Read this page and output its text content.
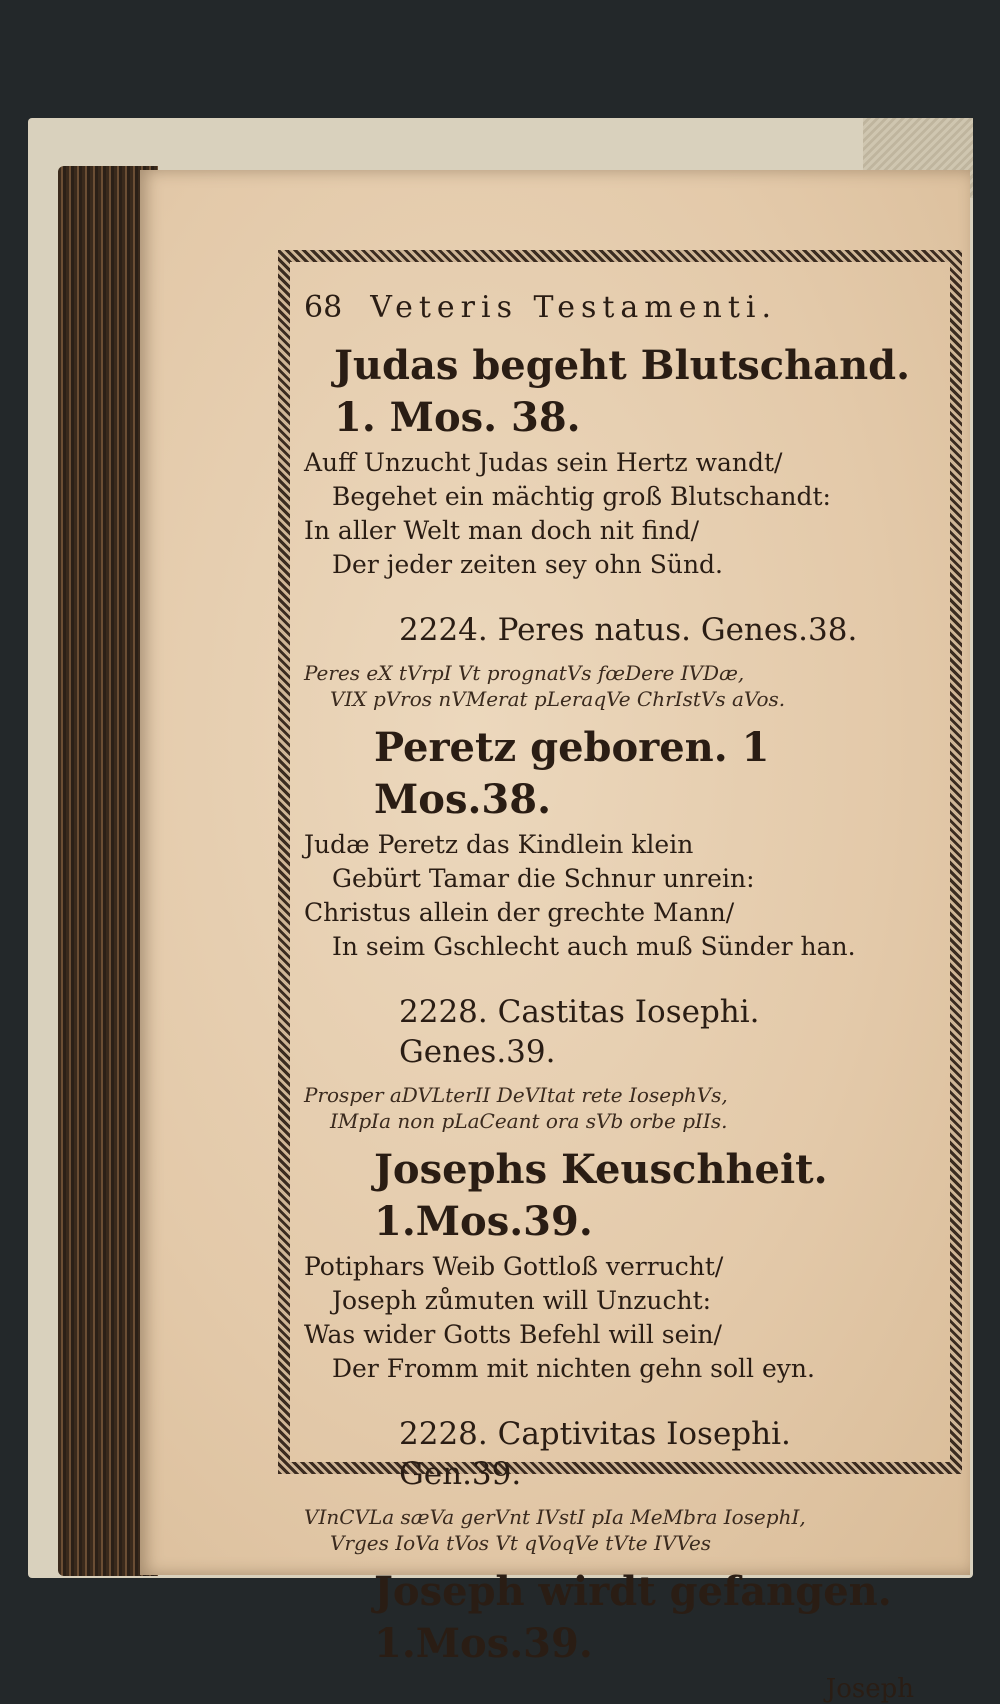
68 Veteris Testamenti.
Judas begeht Blutschand. 1. Mos. 38.
Auff Unzucht Judas sein Hertz wandt/
Begehet ein mächtig groß Blutschandt:
In aller Welt man doch nit find/
Der jeder zeiten sey ohn Sünd.
2224. Peres natus. Genes.38.
Peres eX tVrpI Vt prognatVs fœDere IVDæ,
VIX pVros nVMerat pLeraqVe ChrIstVs aVos.
Peretz geboren. 1 Mos.38.
Judæ Peretz das Kindlein klein
Gebürt Tamar die Schnur unrein:
Christus allein der grechte Mann/
In seim Gschlecht auch muß Sünder han.
2228. Castitas Iosephi. Genes.39.
Prosper aDVLterII DeVItat rete IosephVs,
IMpIa non pLaCeant ora sVb orbe pIIs.
Josephs Keuschheit. 1.Mos.39.
Potiphars Weib Gottloß verrucht/
Joseph zůmuten will Unzucht:
Was wider Gotts Befehl will sein/
Der Fromm mit nichten gehn soll eyn.
2228. Captivitas Iosephi. Gen.39.
VInCVLa sæVa gerVnt IVstI pIa MeMbra IosephI,
Vrges IoVa tVos Vt qVoqVe tVte IVVes
Joseph wirdt gefangen. 1.Mos.39.
Joseph
